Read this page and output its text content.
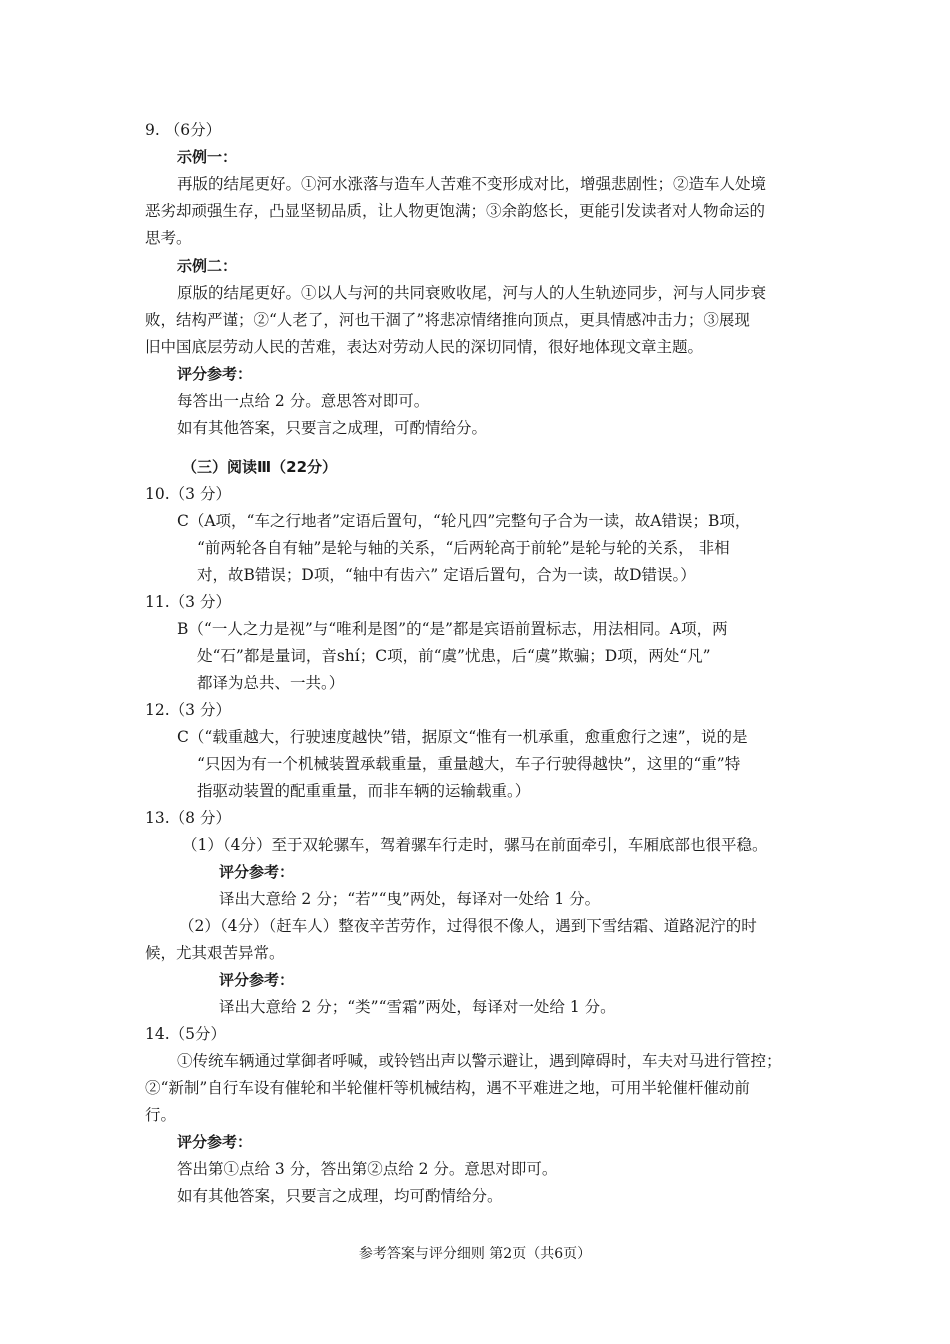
9. （6分）
示例一：
再版的结尾更好。①河水涨落与造车人苦难不变形成对比，增强悲剧性；②造车人处境
恶劣却顽强生存，凸显坚韧品质，让人物更饱满；③余韵悠长，更能引发读者对人物命运的
思考。
示例二：
原版的结尾更好。①以人与河的共同衰败收尾，河与人的人生轨迹同步，河与人同步衰
败，结构严谨；②“人老了，河也干涸了”将悲凉情绪推向顶点，更具情感冲击力；③展现
旧中国底层劳动人民的苦难，表达对劳动人民的深切同情，很好地体现文章主题。
评分参考：
每答出一点给 2 分。意思答对即可。
如有其他答案，只要言之成理，可酌情给分。
（三）阅读Ⅲ（22分）
10.（3 分）
C（A项，“车之行地者”定语后置句，“轮凡四”完整句子合为一读，故A错误；B项，
“前两轮各自有轴”是轮与轴的关系，“后两轮高于前轮”是轮与轮的关系， 非相
对，故B错误；D项，“轴中有齿六” 定语后置句，合为一读，故D错误。）
11.（3 分）
B（“一人之力是视”与“唯利是图”的“是”都是宾语前置标志，用法相同。A项，两
处“石”都是量词，音shí；C项，前“虞”忧患，后“虞”欺骗；D项，两处“凡”
都译为总共、一共。）
12.（3 分）
C（“载重越大，行驶速度越快”错，据原文“惟有一机承重，愈重愈行之速”，说的是
“只因为有一个机械装置承载重量，重量越大，车子行驶得越快”，这里的“重”特
指驱动装置的配重重量，而非车辆的运输载重。）
13.（8 分）
（1）（4分）至于双轮骡车，驾着骡车行走时，骡马在前面牵引，车厢底部也很平稳。
评分参考：
译出大意给 2 分；“若”“曳”两处，每译对一处给 1 分。
（2）（4分）（赶车人）整夜辛苦劳作，过得很不像人，遇到下雪结霜、道路泥泞的时
候，尤其艰苦异常。
评分参考：
译出大意给 2 分；“类”“雪霜”两处，每译对一处给 1 分。
14.（5分）
①传统车辆通过掌御者呼喊，或铃铛出声以警示避让，遇到障碍时，车夫对马进行管控；
②“新制”自行车设有催轮和半轮催杆等机械结构，遇不平难进之地，可用半轮催杆催动前
行。
评分参考：
答出第①点给 3 分，答出第②点给 2 分。意思对即可。
如有其他答案，只要言之成理，均可酌情给分。
参考答案与评分细则 第2页（共6页）
